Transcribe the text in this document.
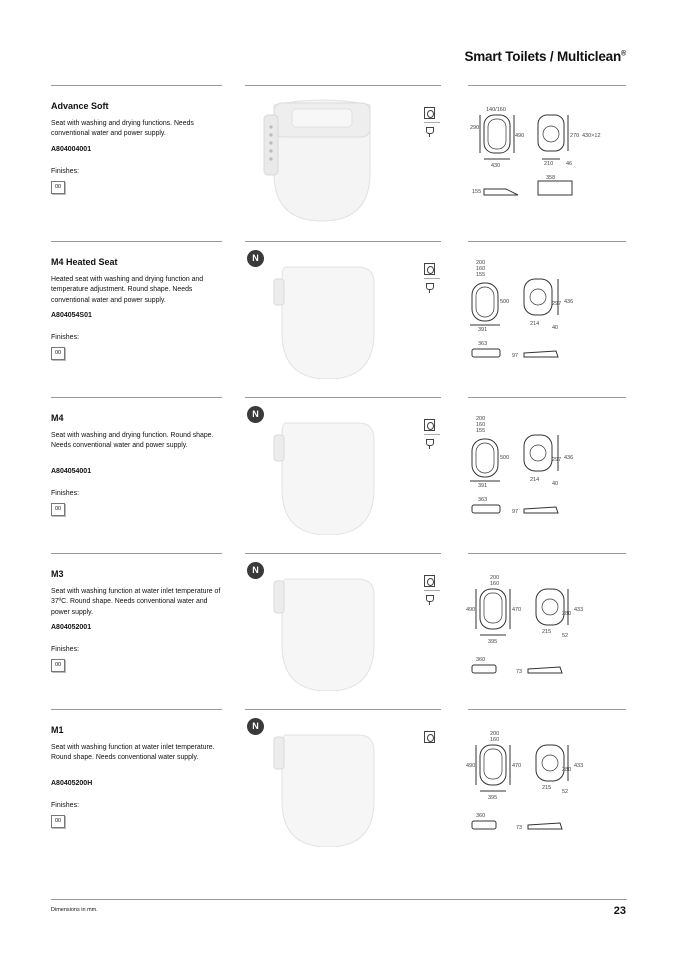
Smart Toilets / Multiclean®
Advance Soft
Seat with washing and drying functions. Needs conventional water and power supply.
A804004001
Finishes:
00
140/160
290
490
430
270 430×12
210 46
155
358
N
M4 Heated Seat
Heated seat with washing and drying function and temperature adjustment. Round shape. Needs conventional water and power supply.
A804054S01
Finishes:
00
200
160
155
500
391
297 436
214
40
363
97
N
M4
Seat with washing and drying function. Round shape. Needs conventional water and power supply.
A804054001
Finishes:
00
200
160
155
500
391
297 436
214
40
363
97
N
M3
Seat with washing function at water inlet temperature of 37ºC. Round shape. Needs conventional water and power supply.
A804052001
Finishes:
00
200
160
490	470
395
280
433
215
52
360
73
N
M1
Seat with washing function at water inlet temperature. Round shape. Needs conventional water supply.
A80405200H
Finishes:
00
200
160
490	470
395
280
433
215
52
360
73
Dimensions in mm.	23
